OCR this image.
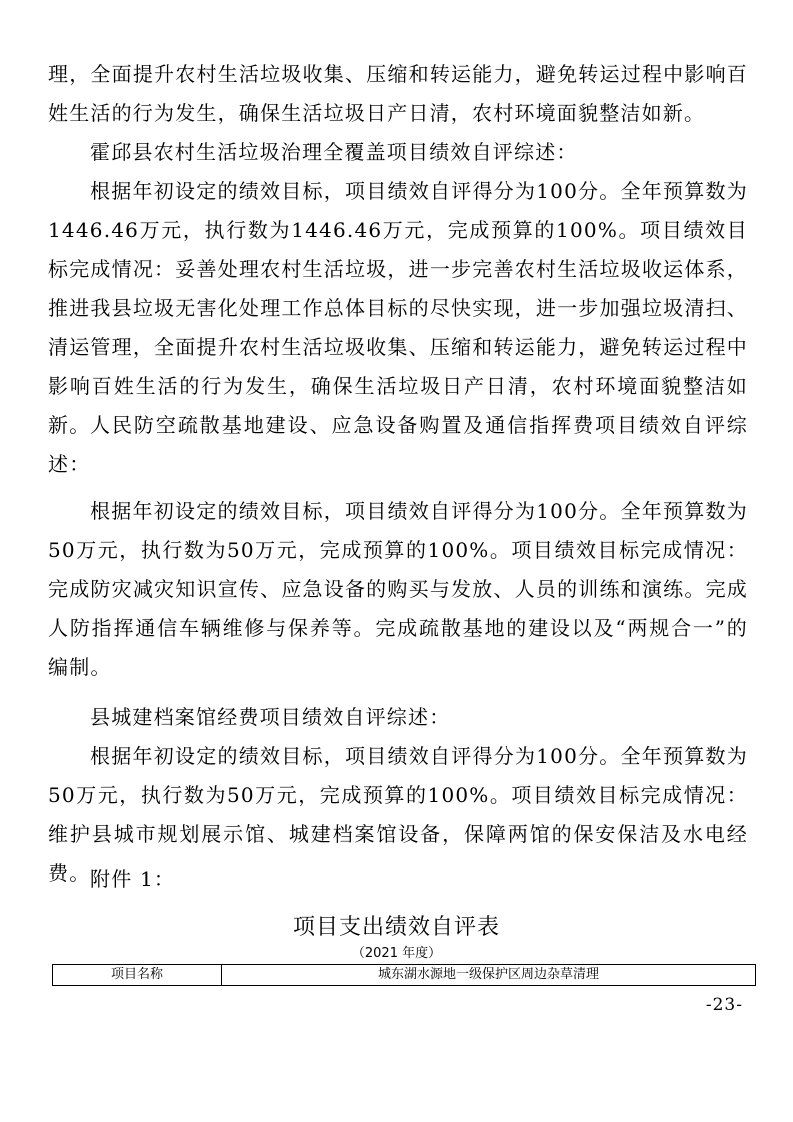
理，全面提升农村生活垃圾收集、压缩和转运能力，避免转运过程中影响百姓生活的行为发生，确保生活垃圾日产日清，农村环境面貌整洁如新。

霍邱县农村生活垃圾治理全覆盖项目绩效自评综述：

根据年初设定的绩效目标，项目绩效自评得分为100分。全年预算数为1446.46万元，执行数为1446.46万元，完成预算的100%。项目绩效目标完成情况：妥善处理农村生活垃圾，进一步完善农村生活垃圾收运体系，推进我县垃圾无害化处理工作总体目标的尽快实现，进一步加强垃圾清扫、清运管理，全面提升农村生活垃圾收集、压缩和转运能力，避免转运过程中影响百姓生活的行为发生，确保生活垃圾日产日清，农村环境面貌整洁如新。 人民防空疏散基地建设、应急设备购置及通信指挥费项目绩效自评综述：

根据年初设定的绩效目标，项目绩效自评得分为100分。全年预算数为50万元，执行数为50万元，完成预算的100%。项目绩效目标完成情况：完成防灾减灾知识宣传、应急设备的购买与发放、人员的训练和演练。完成人防指挥通信车辆维修与保养等。完成疏散基地的建设以及“两规合一”的编制。

县城建档案馆经费项目绩效自评综述：

根据年初设定的绩效目标，项目绩效自评得分为100分。全年预算数为50万元，执行数为50万元，完成预算的100%。项目绩效目标完成情况：维护县城市规划展示馆、城建档案馆设备，保障两馆的保安保洁及水电经费。 附件 1：

项目支出绩效自评表
（2021 年度）
项目名称	城东湖水源地一级保护区周边杂草清理
-23-
